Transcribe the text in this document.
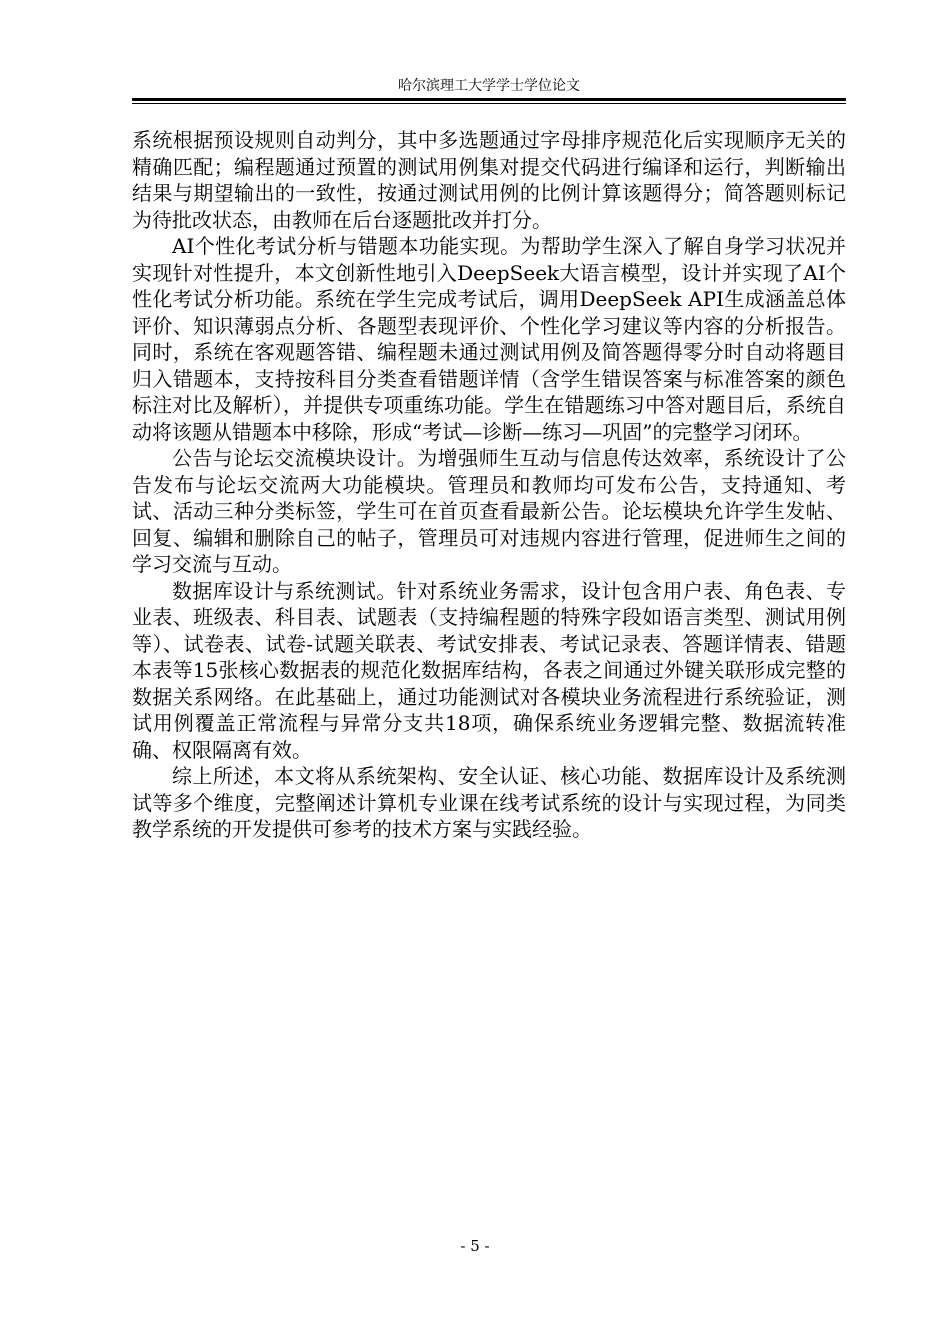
哈尔滨理工大学学士学位论文

系统根据预设规则自动判分，其中多选题通过字母排序规范化后实现顺序无关的精确匹配；编程题通过预置的测试用例集对提交代码进行编译和运行，判断输出结果与期望输出的一致性，按通过测试用例的比例计算该题得分；简答题则标记为待批改状态，由教师在后台逐题批改并打分。

AI个性化考试分析与错题本功能实现。为帮助学生深入了解自身学习状况并实现针对性提升，本文创新性地引入DeepSeek大语言模型，设计并实现了AI个性化考试分析功能。系统在学生完成考试后，调用DeepSeek API生成涵盖总体评价、知识薄弱点分析、各题型表现评价、个性化学习建议等内容的分析报告。同时，系统在客观题答错、编程题未通过测试用例及简答题得零分时自动将题目归入错题本，支持按科目分类查看错题详情（含学生错误答案与标准答案的颜色标注对比及解析），并提供专项重练功能。学生在错题练习中答对题目后，系统自动将该题从错题本中移除，形成“考试—诊断—练习—巩固”的完整学习闭环。

公告与论坛交流模块设计。为增强师生互动与信息传达效率，系统设计了公告发布与论坛交流两大功能模块。管理员和教师均可发布公告，支持通知、考试、活动三种分类标签，学生可在首页查看最新公告。论坛模块允许学生发帖、回复、编辑和删除自己的帖子，管理员可对违规内容进行管理，促进师生之间的学习交流与互动。

数据库设计与系统测试。针对系统业务需求，设计包含用户表、角色表、专业表、班级表、科目表、试题表（支持编程题的特殊字段如语言类型、测试用例等）、试卷表、试卷-试题关联表、考试安排表、考试记录表、答题详情表、错题本表等15张核心数据表的规范化数据库结构，各表之间通过外键关联形成完整的数据关系网络。在此基础上，通过功能测试对各模块业务流程进行系统验证，测试用例覆盖正常流程与异常分支共18项，确保系统业务逻辑完整、数据流转准确、权限隔离有效。

综上所述，本文将从系统架构、安全认证、核心功能、数据库设计及系统测试等多个维度，完整阐述计算机专业课在线考试系统的设计与实现过程，为同类教学系统的开发提供可参考的技术方案与实践经验。

- 5 -
